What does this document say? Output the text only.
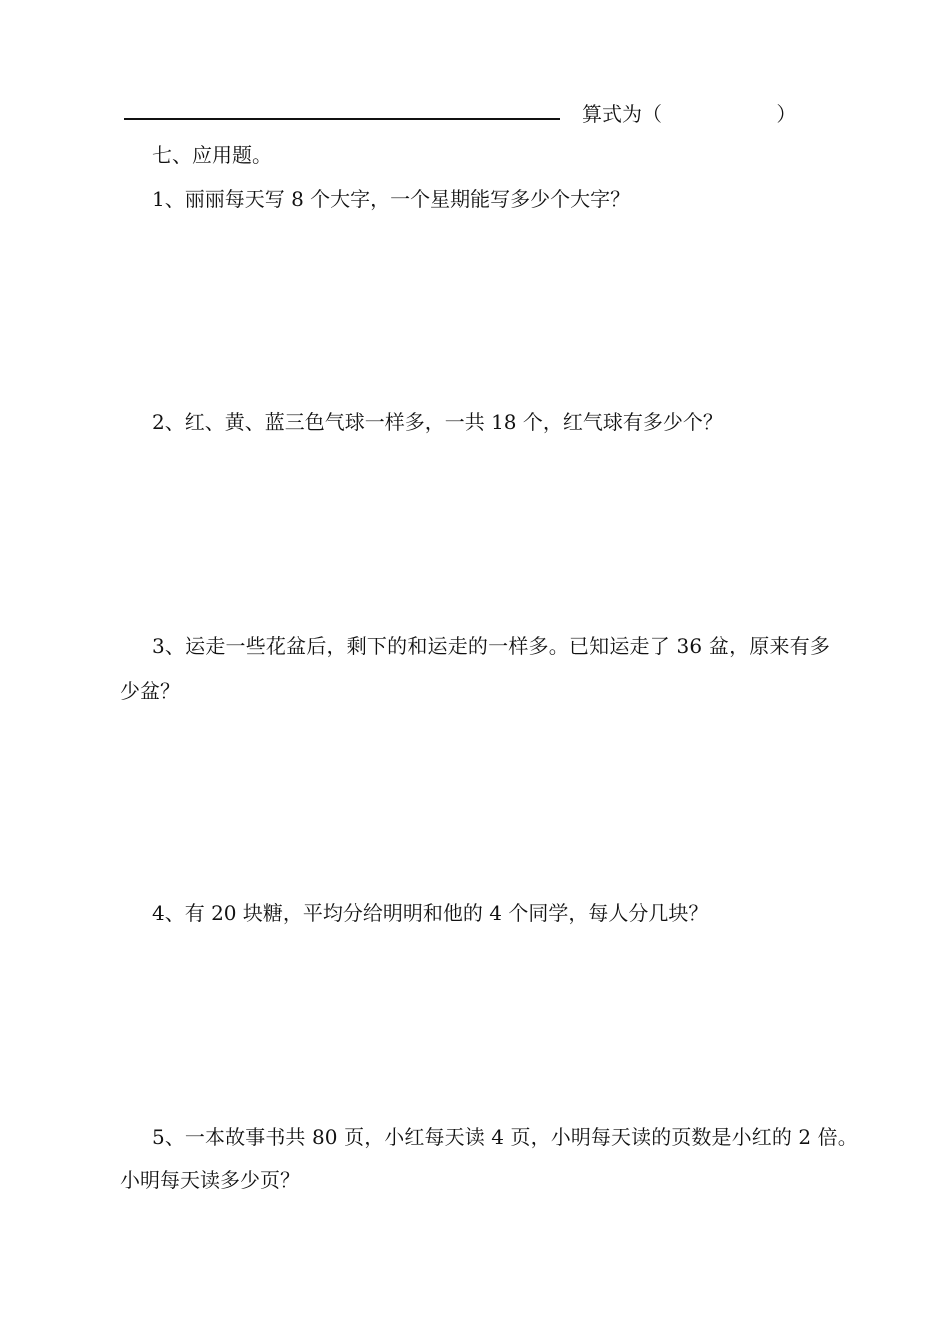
算式为（                  ）
七、应用题。
1、丽丽每天写 8 个大字，一个星期能写多少个大字？
2、红、黄、蓝三色气球一样多，一共 18 个，红气球有多少个？
3、运走一些花盆后，剩下的和运走的一样多。已知运走了 36 盆，原来有多
少盆？
4、有 20 块糖，平均分给明明和他的 4 个同学，每人分几块？
5、一本故事书共 80 页，小红每天读 4 页，小明每天读的页数是小红的 2 倍。
小明每天读多少页？
